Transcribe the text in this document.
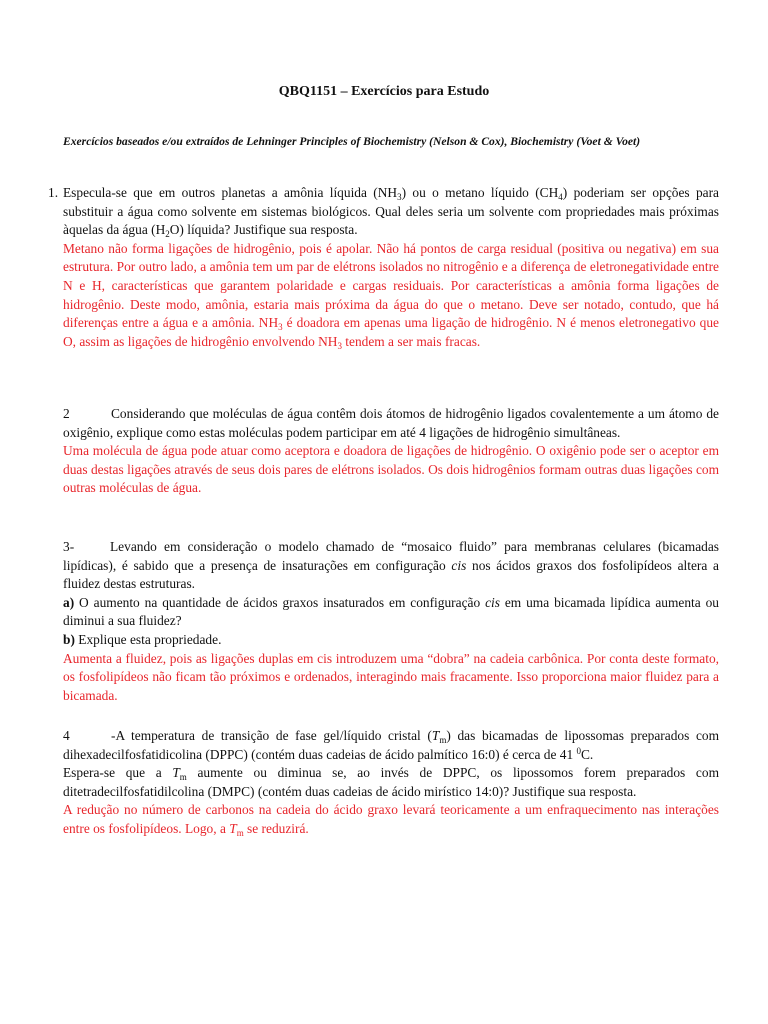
QBQ1151 – Exercícios para Estudo
Exercícios baseados e/ou extraídos de Lehninger Principles of Biochemistry (Nelson & Cox), Biochemistry (Voet & Voet)
1. Especula-se que em outros planetas a amônia líquida $(NH_3)$ ou o metano líquido $(CH_4)$ poderiam ser opções para substituir a água como solvente em sistemas biológicos. Qual deles seria um solvente com propriedades mais próximas àquelas da água $(H_2O)$ líquida? Justifique sua resposta.
Metano não forma ligações de hidrogênio, pois é apolar. Não há pontos de carga residual (positiva ou negativa) em sua estrutura. Por outro lado, a amônia tem um par de elétrons isolados no nitrogênio e a diferença de eletronegatividade entre N e H, características que garantem polaridade e cargas residuais. Por características a amônia forma ligações de hidrogênio. Deste modo, amônia, estaria mais próxima da água do que o metano. Deve ser notado, contudo, que há diferenças entre a água e a amônia. $NH_3$ é doadora em apenas uma ligação de hidrogênio. N é menos eletronegativo que O, assim as ligações de hidrogênio envolvendo $NH_3$ tendem a ser mais fracas.
2	Considerando que moléculas de água contêm dois átomos de hidrogênio ligados covalentemente a um átomo de oxigênio, explique como estas moléculas podem participar em até 4 ligações de hidrogênio simultâneas.
Uma molécula de água pode atuar como aceptora e doadora de ligações de hidrogênio. O oxigênio pode ser o aceptor em duas destas ligações através de seus dois pares de elétrons isolados. Os dois hidrogênios formam outras duas ligações com outras moléculas de água.
3-	Levando em consideração o modelo chamado de “mosaico fluido” para membranas celulares (bicamadas lipídicas), é sabido que a presença de insaturações em configuração cis nos ácidos graxos dos fosfolipídeos altera a fluidez destas estruturas.
a) O aumento na quantidade de ácidos graxos insaturados em configuração cis em uma bicamada lipídica aumenta ou diminui a sua fluidez?
b) Explique esta propriedade.
Aumenta a fluidez, pois as ligações duplas em cis introduzem uma “dobra” na cadeia carbônica. Por conta deste formato, os fosfolipídeos não ficam tão próximos e ordenados, interagindo mais fracamente. Isso proporciona maior fluidez para a bicamada.
4	-A temperatura de transição de fase gel/líquido cristal $(T_m)$ das bicamadas de lipossomas preparados com dihexadecilfosfatidicolina (DPPC) (contém duas cadeias de ácido palmítico 16:0) é cerca de 41 $^0$C.
Espera-se que a $T_m$ aumente ou diminua se, ao invés de DPPC, os lipossomos forem preparados com ditetradecilfosfatidilcolina (DMPC) (contém duas cadeias de ácido mirístico 14:0)? Justifique sua resposta.
A redução no número de carbonos na cadeia do ácido graxo levará teoricamente a um enfraquecimento nas interações entre os fosfolipídeos. Logo, a $T_m$ se reduzirá.
